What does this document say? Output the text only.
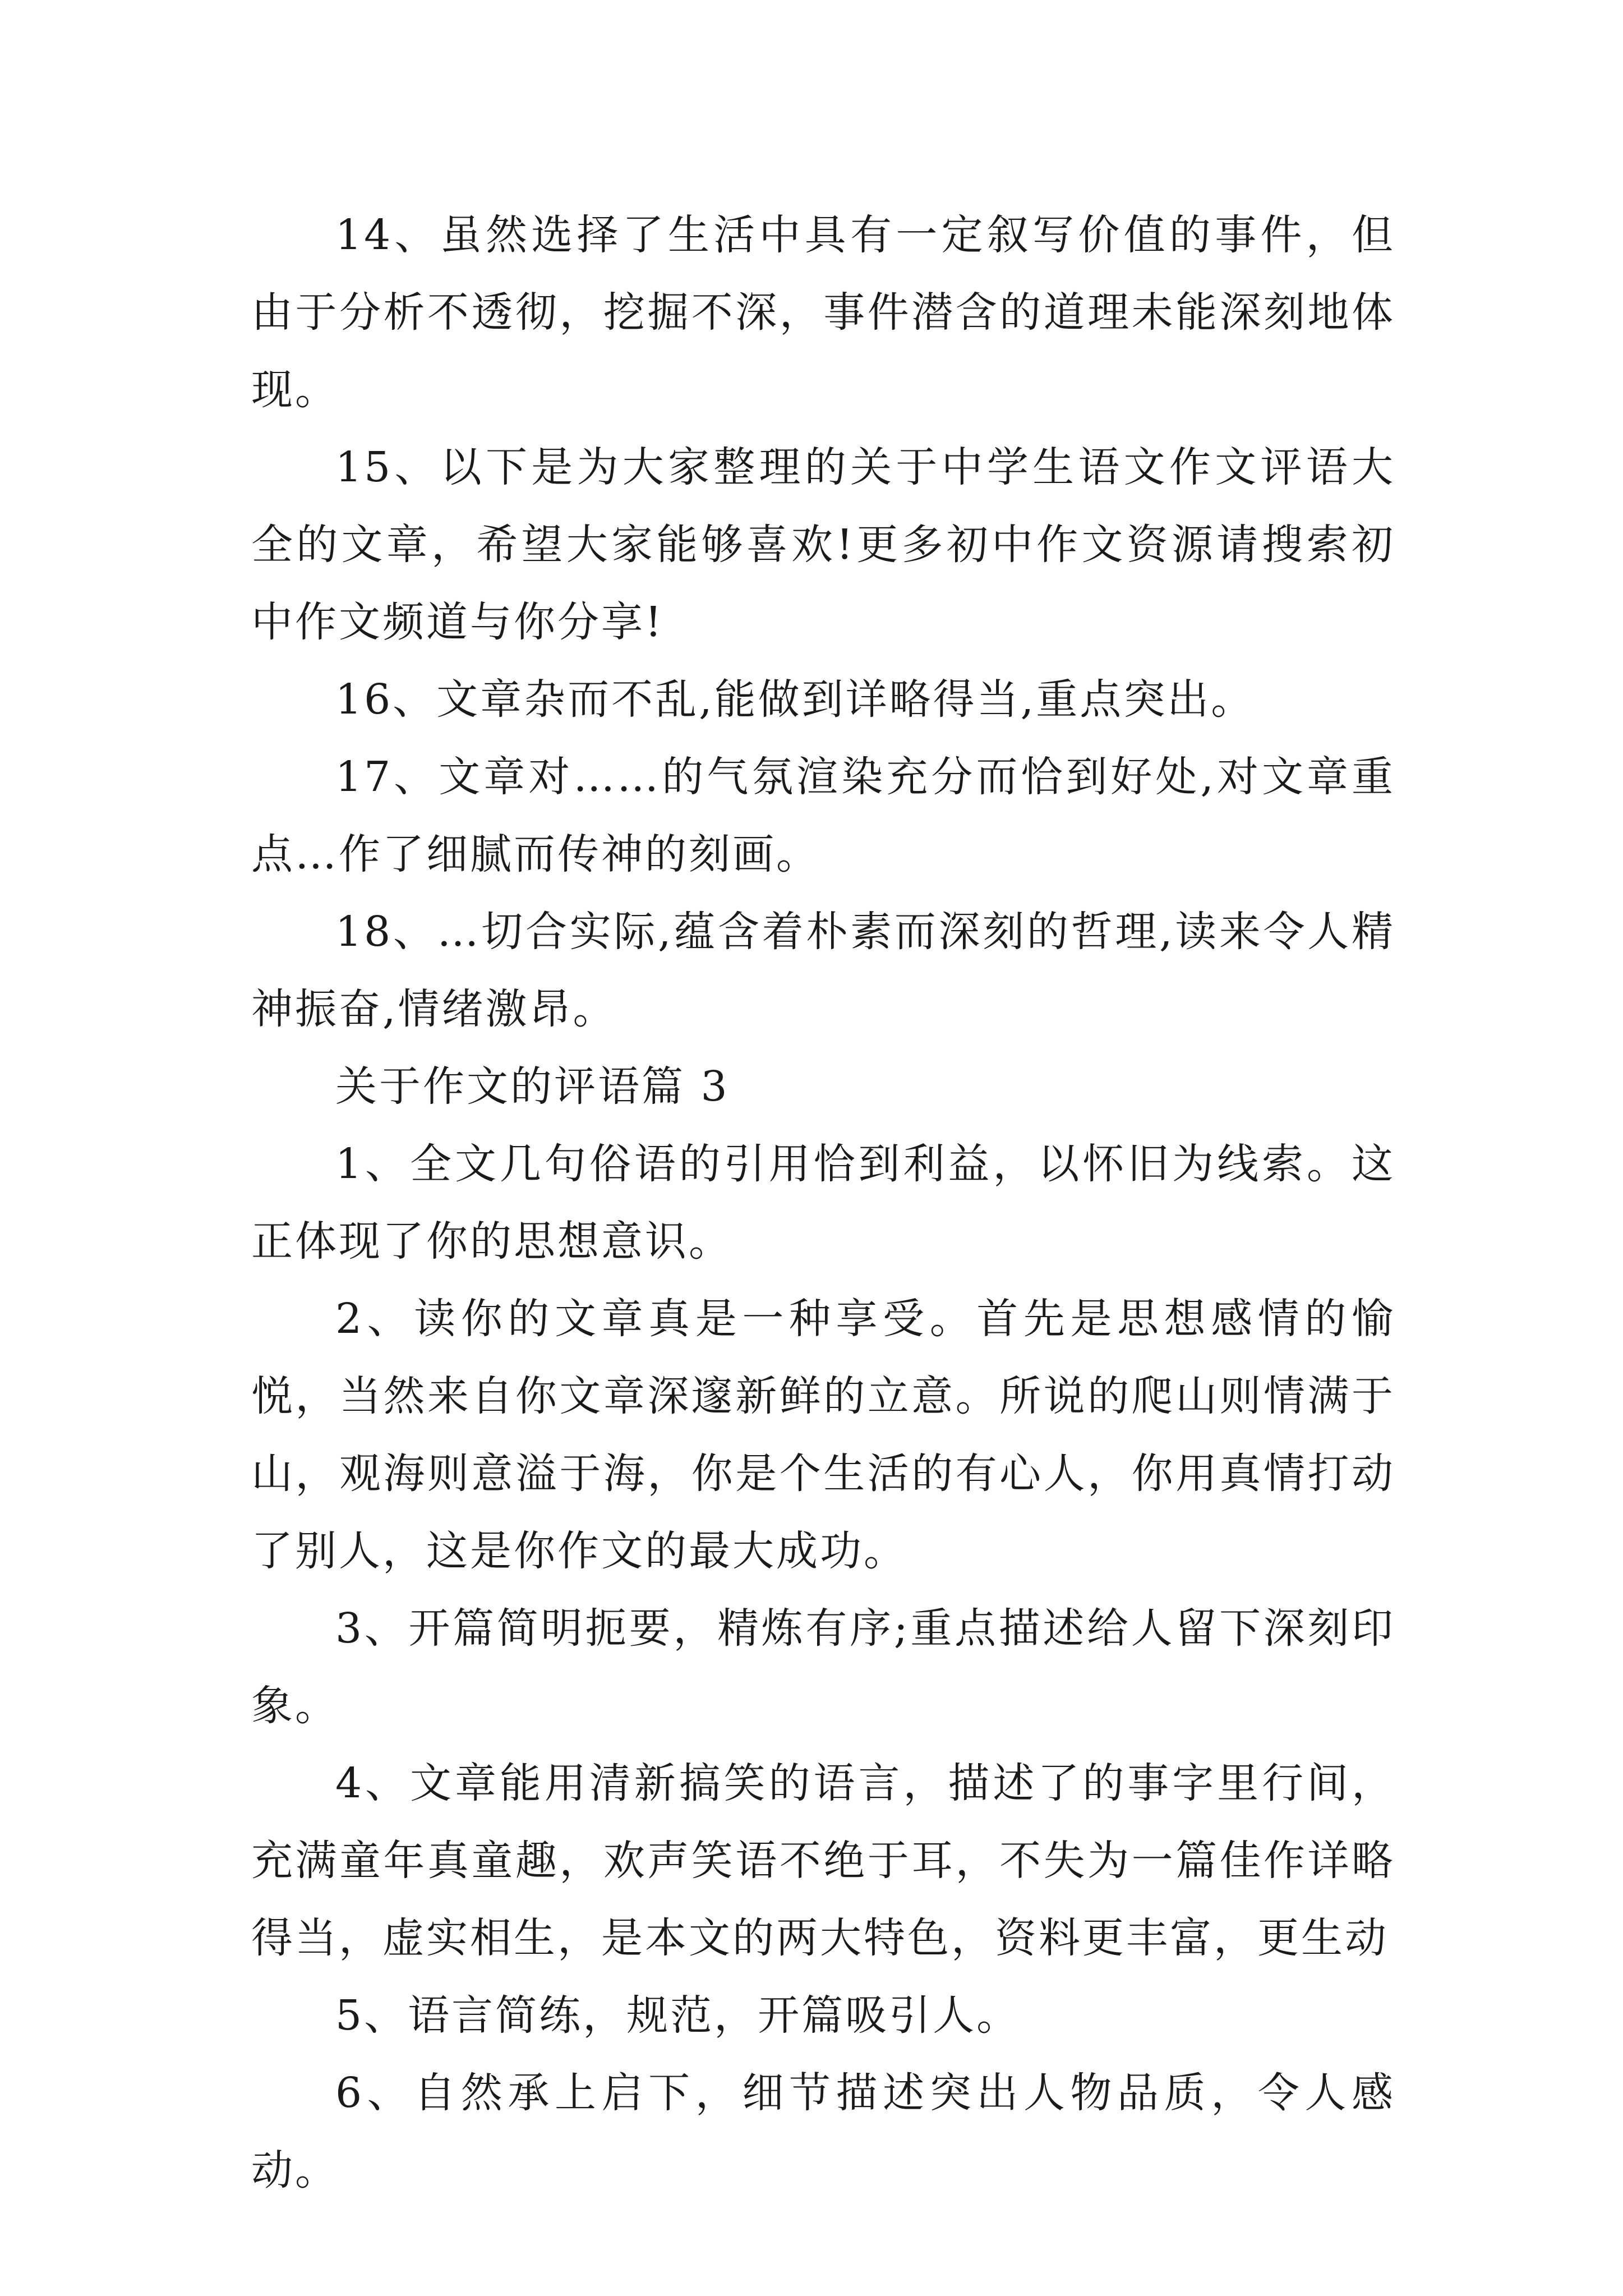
14、虽然选择了生活中具有一定叙写价值的事件，但由于分析不透彻，挖掘不深，事件潜含的道理未能深刻地体现。

15、以下是为大家整理的关于中学生语文作文评语大全的文章，希望大家能够喜欢!更多初中作文资源请搜索初中作文频道与你分享!

16、文章杂而不乱,能做到详略得当,重点突出。

17、文章对……的气氛渲染充分而恰到好处,对文章重点…作了细腻而传神的刻画。

18、…切合实际,蕴含着朴素而深刻的哲理,读来令人精神振奋,情绪激昂。

关于作文的评语篇 3

1、全文几句俗语的引用恰到利益，以怀旧为线索。这正体现了你的思想意识。

2、读你的文章真是一种享受。首先是思想感情的愉悦，当然来自你文章深邃新鲜的立意。所说的爬山则情满于山，观海则意溢于海，你是个生活的有心人，你用真情打动了别人，这是你作文的最大成功。

3、开篇简明扼要，精炼有序;重点描述给人留下深刻印象。

4、文章能用清新搞笑的语言，描述了的事字里行间，充满童年真童趣，欢声笑语不绝于耳，不失为一篇佳作详略得当，虚实相生，是本文的两大特色，资料更丰富，更生动

5、语言简练，规范，开篇吸引人。

6、自然承上启下，细节描述突出人物品质，令人感动。
